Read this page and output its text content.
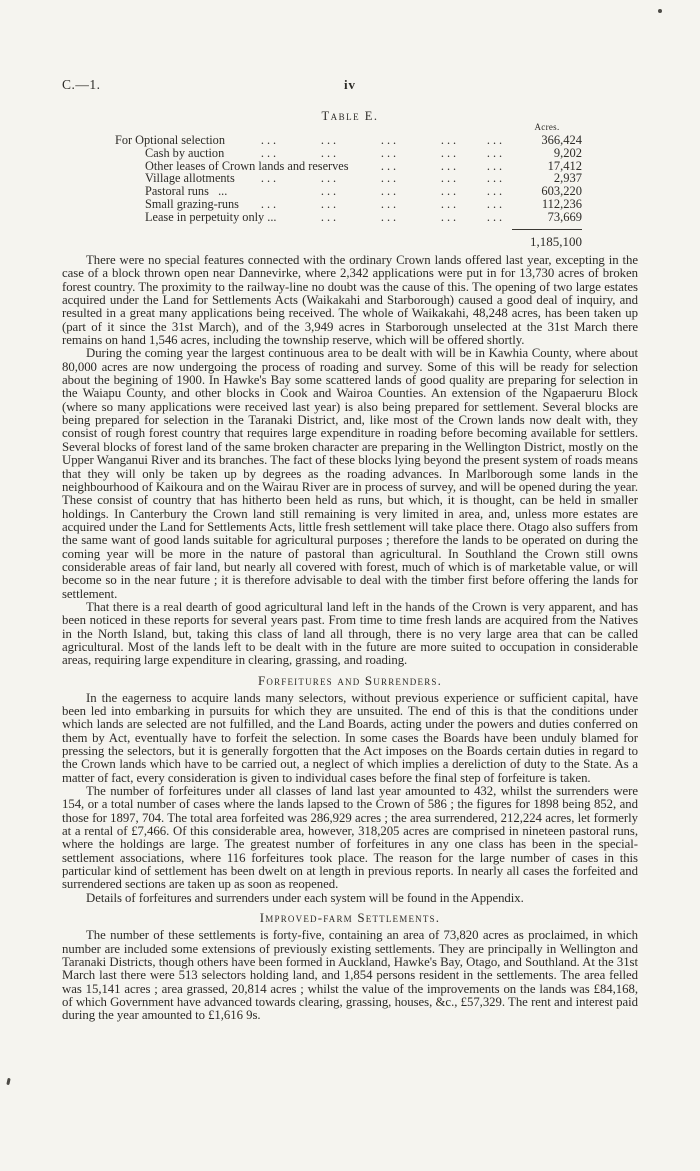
C.—1.	iv
Table E.
Acres.
For Optional selection	...	...	...	...	...	366,424
Cash by auction	...	...	...	...	...	9,202
Other leases of Crown lands and reserves	...	...	...	17,412
Village allotments	...	...	...	...	...	2,937
Pastoral runs   ...	...	...	...	...	603,220
Small grazing-runs	...	...	...	...	...	112,236
Lease in perpetuity only ...	...	...	...	...	73,669
1,185,100

There were no special features connected with the ordinary Crown lands offered last year, excepting in the case of a block thrown open near Dannevirke, where 2,342 applications were put in for 13,730 acres of broken forest country. The proximity to the railway-line no doubt was the cause of this. The opening of two large estates acquired under the Land for Settlements Acts (Waikakahi and Starborough) caused a good deal of inquiry, and resulted in a great many applications being received. The whole of Waikakahi, 48,248 acres, has been taken up (part of it since the 31st March), and of the 3,949 acres in Starborough unselected at the 31st March there remains on hand 1,546 acres, including the township reserve, which will be offered shortly.

During the coming year the largest continuous area to be dealt with will be in Kawhia County, where about 80,000 acres are now undergoing the process of roading and survey. Some of this will be ready for selection about the begining of 1900. In Hawke's Bay some scattered lands of good quality are preparing for selection in the Waiapu County, and other blocks in Cook and Wairoa Counties. An extension of the Ngapaeruru Block (where so many applications were received last year) is also being prepared for settlement. Several blocks are being prepared for selection in the Taranaki District, and, like most of the Crown lands now dealt with, they consist of rough forest country that requires large expenditure in roading before becoming available for settlers. Several blocks of forest land of the same broken character are preparing in the Wellington District, mostly on the Upper Wanganui River and its branches. The fact of these blocks lying beyond the present system of roads means that they will only be taken up by degrees as the roading advances. In Marlborough some lands in the neighbourhood of Kaikoura and on the Wairau River are in process of survey, and will be opened during the year. These consist of country that has hitherto been held as runs, but which, it is thought, can be held in smaller holdings. In Canterbury the Crown land still remaining is very limited in area, and, unless more estates are acquired under the Land for Settlements Acts, little fresh settlement will take place there. Otago also suffers from the same want of good lands suitable for agricultural purposes ; therefore the lands to be operated on during the coming year will be more in the nature of pastoral than agricultural. In Southland the Crown still owns considerable areas of fair land, but nearly all covered with forest, much of which is of marketable value, or will become so in the near future ; it is therefore advisable to deal with the timber first before offering the lands for settlement.

That there is a real dearth of good agricultural land left in the hands of the Crown is very apparent, and has been noticed in these reports for several years past. From time to time fresh lands are acquired from the Natives in the North Island, but, taking this class of land all through, there is no very large area that can be called agricultural. Most of the lands left to be dealt with in the future are more suited to occupation in considerable areas, requiring large expenditure in clearing, grassing, and roading.

Forfeitures and Surrenders.

In the eagerness to acquire lands many selectors, without previous experience or sufficient capital, have been led into embarking in pursuits for which they are unsuited. The end of this is that the conditions under which lands are selected are not fulfilled, and the Land Boards, acting under the powers and duties conferred on them by Act, eventually have to forfeit the selection. In some cases the Boards have been unduly blamed for pressing the selectors, but it is generally forgotten that the Act imposes on the Boards certain duties in regard to the Crown lands which have to be carried out, a neglect of which implies a dereliction of duty to the State. As a matter of fact, every consideration is given to individual cases before the final step of forfeiture is taken.

The number of forfeitures under all classes of land last year amounted to 432, whilst the surrenders were 154, or a total number of cases where the lands lapsed to the Crown of 586 ; the figures for 1898 being 852, and those for 1897, 704. The total area forfeited was 286,929 acres ; the area surrendered, 212,224 acres, let formerly at a rental of £7,466. Of this considerable area, however, 318,205 acres are comprised in nineteen pastoral runs, where the holdings are large. The greatest number of forfeitures in any one class has been in the special-settlement associations, where 116 forfeitures took place. The reason for the large number of cases in this particular kind of settlement has been dwelt on at length in previous reports. In nearly all cases the forfeited and surrendered sections are taken up as soon as reopened.

Details of forfeitures and surrenders under each system will be found in the Appendix.

Improved-farm Settlements.

The number of these settlements is forty-five, containing an area of 73,820 acres as proclaimed, in which number are included some extensions of previously existing settlements. They are principally in Wellington and Taranaki Districts, though others have been formed in Auckland, Hawke's Bay, Otago, and Southland. At the 31st March last there were 513 selectors holding land, and 1,854 persons resident in the settlements. The area felled was 15,141 acres ; area grassed, 20,814 acres ; whilst the value of the improvements on the lands was £84,168, of which Government have advanced towards clearing, grassing, houses, &c., £57,329. The rent and interest paid during the year amounted to £1,616 9s.
